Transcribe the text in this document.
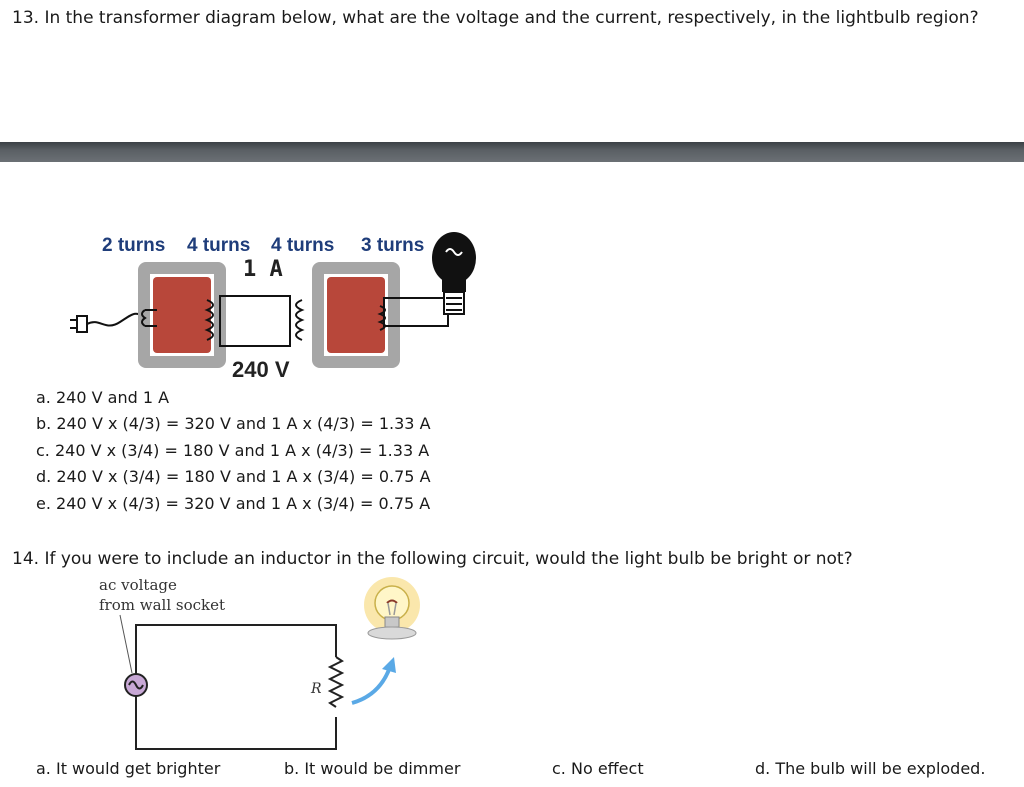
13. In the transformer diagram below, what are the voltage and the current, respectively, in the lightbulb region?

2 turns 4 turns 4 turns 3 turns
1 A
240 V

a. 240 V and 1 A

b. 240 V x (4/3) = 320 V and 1 A x (4/3) = 1.33 A

c. 240 V x (3/4) = 180 V and 1 A x (4/3) = 1.33 A

d. 240 V x (3/4) = 180 V and 1 A x (3/4) = 0.75 A

e. 240 V x (4/3) = 320 V and 1 A x (3/4) = 0.75 A

14. If you were to include an inductor in the following circuit, would the light bulb be bright or not?

ac voltage
from wall socket
R

a. It would get brighter	b. It would be dimmer	c. No effect	d. The bulb will be exploded.
